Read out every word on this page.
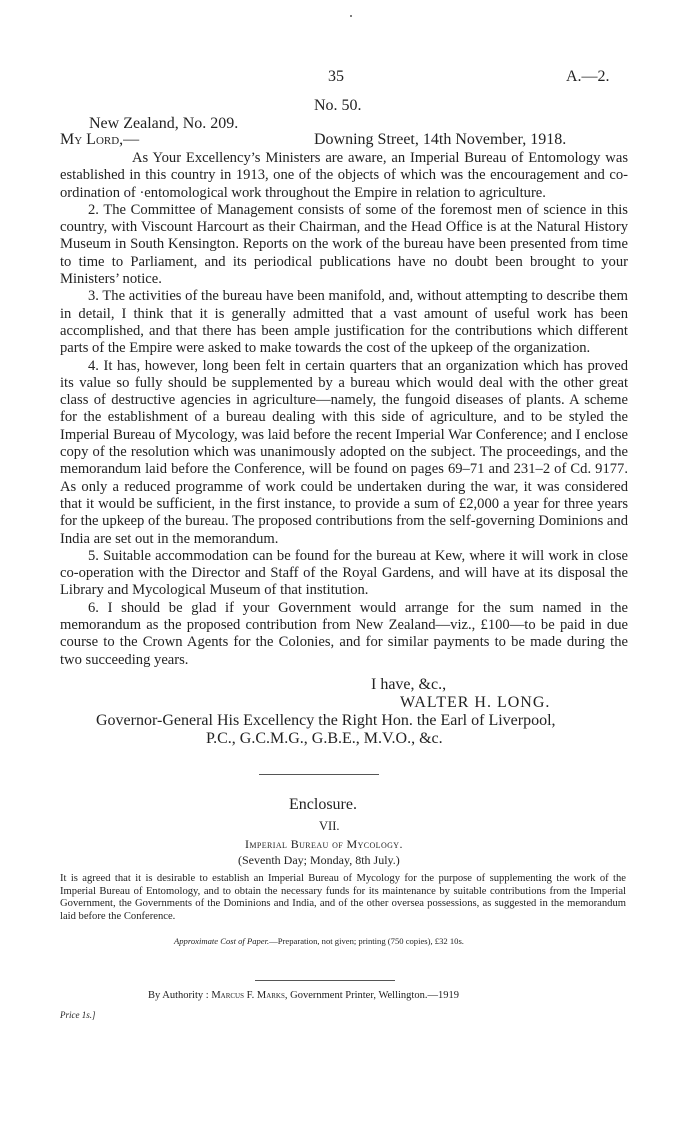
35	A.—2.
No. 50.
New Zealand, No. 209.
My Lord,—	Downing Street, 14th November, 1918.

As Your Excellency’s Ministers are aware, an Imperial Bureau of Entomology was established in this country in 1913, one of the objects of which was the encouragement and co-ordination of ·entomological work throughout the Empire in relation to agriculture.

2. The Committee of Management consists of some of the foremost men of science in this country, with Viscount Harcourt as their Chairman, and the Head Office is at the Natural History Museum in South Kensington. Reports on the work of the bureau have been presented from time to time to Parliament, and its periodical publications have no doubt been brought to your Ministers’ notice.

3. The activities of the bureau have been manifold, and, without attempting to describe them in detail, I think that it is generally admitted that a vast amount of useful work has been accomplished, and that there has been ample justification for the contributions which different parts of the Empire were asked to make towards the cost of the upkeep of the organization.

4. It has, however, long been felt in certain quarters that an organization which has proved its value so fully should be supplemented by a bureau which would deal with the other great class of destructive agencies in agriculture—namely, the fungoid diseases of plants. A scheme for the establishment of a bureau dealing with this side of agriculture, and to be styled the Imperial Bureau of Mycology, was laid before the recent Imperial War Conference; and I enclose copy of the resolution which was unanimously adopted on the subject. The proceedings, and the memorandum laid before the Conference, will be found on pages 69–71 and 231–2 of Cd. 9177. As only a reduced programme of work could be undertaken during the war, it was considered that it would be sufficient, in the first instance, to provide a sum of £2,000 a year for three years for the upkeep of the bureau. The proposed contributions from the self-governing Dominions and India are set out in the memorandum.

5. Suitable accommodation can be found for the bureau at Kew, where it will work in close co-operation with the Director and Staff of the Royal Gardens, and will have at its disposal the Library and Mycological Museum of that institution.

6. I should be glad if your Government would arrange for the sum named in the memorandum as the proposed contribution from New Zealand—viz., £100—to be paid in due course to the Crown Agents for the Colonies, and for similar payments to be made during the two succeeding years.

I have, &c.,
WALTER H. LONG.
Governor-General His Excellency the Right Hon. the Earl of Liverpool,
P.C., G.C.M.G., G.B.E., M.V.O., &c.
Enclosure.
VII.
Imperial Bureau of Mycology.
(Seventh Day; Monday, 8th July.)
It is agreed that it is desirable to establish an Imperial Bureau of Mycology for the purpose of supplementing the work of the Imperial Bureau of Entomology, and to obtain the necessary funds for its maintenance by suitable contributions from the Imperial Government, the Governments of the Dominions and India, and of the other oversea possessions, as suggested in the memorandum laid before the Conference.
Approximate Cost of Paper.—Preparation, not given; printing (750 copies), £32 10s.
By Authority : Marcus F. Marks, Government Printer, Wellington.—1919
Price 1s.]
